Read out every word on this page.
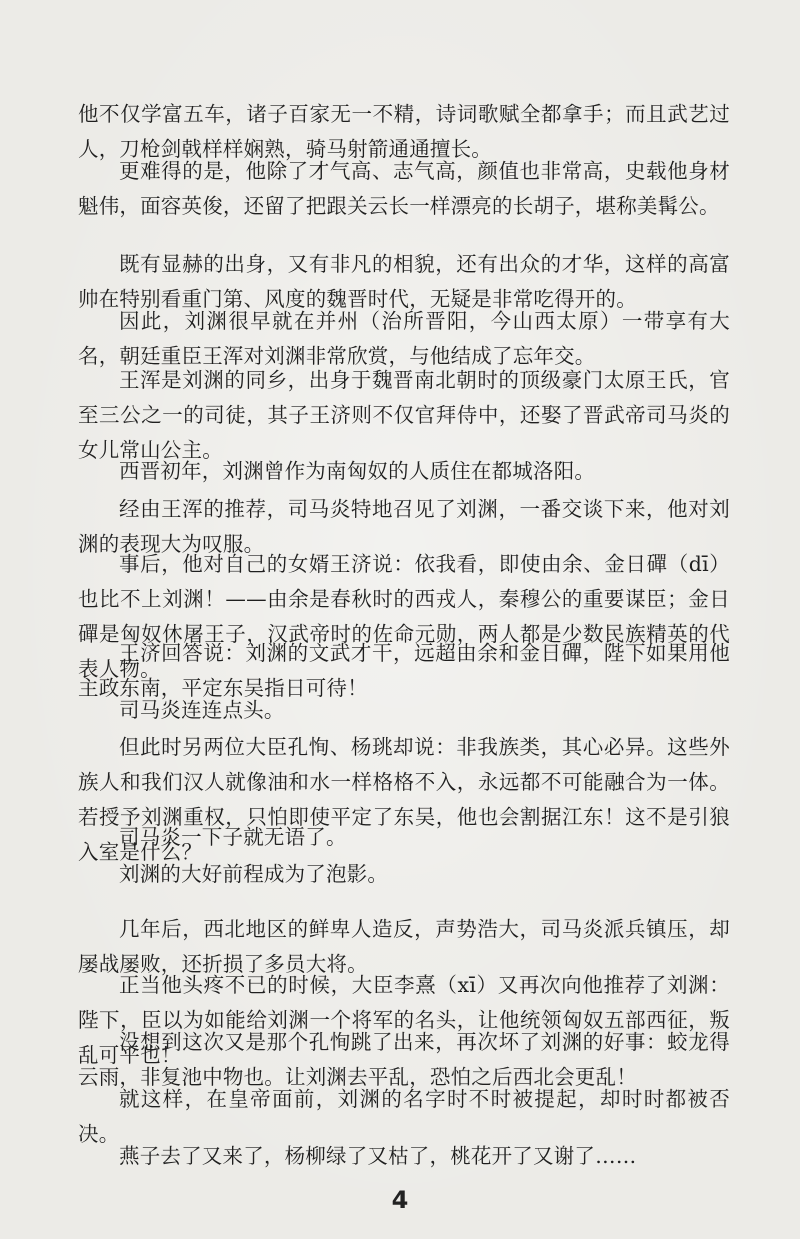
他不仅学富五车，诸子百家无一不精，诗词歌赋全都拿手；而且武艺过人，刀枪剑戟样样娴熟，骑马射箭通通擅长。

更难得的是，他除了才气高、志气高，颜值也非常高，史载他身材魁伟，面容英俊，还留了把跟关云长一样漂亮的长胡子，堪称美髯公。

既有显赫的出身，又有非凡的相貌，还有出众的才华，这样的高富帅在特别看重门第、风度的魏晋时代，无疑是非常吃得开的。

因此，刘渊很早就在并州（治所晋阳，今山西太原）一带享有大名，朝廷重臣王浑对刘渊非常欣赏，与他结成了忘年交。

王浑是刘渊的同乡，出身于魏晋南北朝时的顶级豪门太原王氏，官至三公之一的司徒，其子王济则不仅官拜侍中，还娶了晋武帝司马炎的女儿常山公主。

西晋初年，刘渊曾作为南匈奴的人质住在都城洛阳。

经由王浑的推荐，司马炎特地召见了刘渊，一番交谈下来，他对刘渊的表现大为叹服。

事后，他对自己的女婿王济说：依我看，即使由余、金日磾（dī）也比不上刘渊！——由余是春秋时的西戎人，秦穆公的重要谋臣；金日磾是匈奴休屠王子，汉武帝时的佐命元勋，两人都是少数民族精英的代表人物。

王济回答说：刘渊的文武才干，远超由余和金日磾，陛下如果用他主政东南，平定东吴指日可待！

司马炎连连点头。

但此时另两位大臣孔恂、杨珧却说：非我族类，其心必异。这些外族人和我们汉人就像油和水一样格格不入，永远都不可能融合为一体。若授予刘渊重权，只怕即使平定了东吴，他也会割据江东！这不是引狼入室是什么？

司马炎一下子就无语了。

刘渊的大好前程成为了泡影。

几年后，西北地区的鲜卑人造反，声势浩大，司马炎派兵镇压，却屡战屡败，还折损了多员大将。

正当他头疼不已的时候，大臣李熹（xī）又再次向他推荐了刘渊：陛下，臣以为如能给刘渊一个将军的名头，让他统领匈奴五部西征，叛乱可平也！

没想到这次又是那个孔恂跳了出来，再次坏了刘渊的好事：蛟龙得云雨，非复池中物也。让刘渊去平乱，恐怕之后西北会更乱！

就这样，在皇帝面前，刘渊的名字时不时被提起，却时时都被否决。

燕子去了又来了，杨柳绿了又枯了，桃花开了又谢了……

4
